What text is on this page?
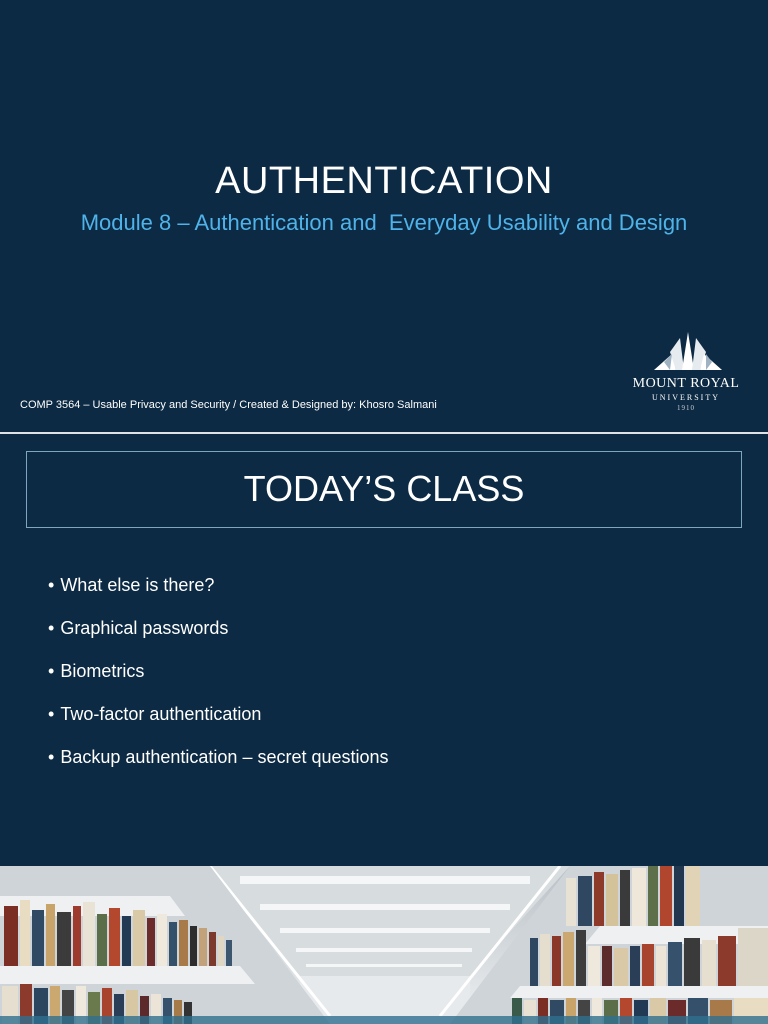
AUTHENTICATION
Module 8 – Authentication and  Everyday Usability and Design
COMP 3564 – Usable Privacy and Security / Created & Designed by: Khosro Salmani
MOUNT ROYAL
UNIVERSITY
1910
TODAY’S CLASS
• What else is there?
• Graphical passwords
• Biometrics
• Two-factor authentication
• Backup authentication – secret questions
